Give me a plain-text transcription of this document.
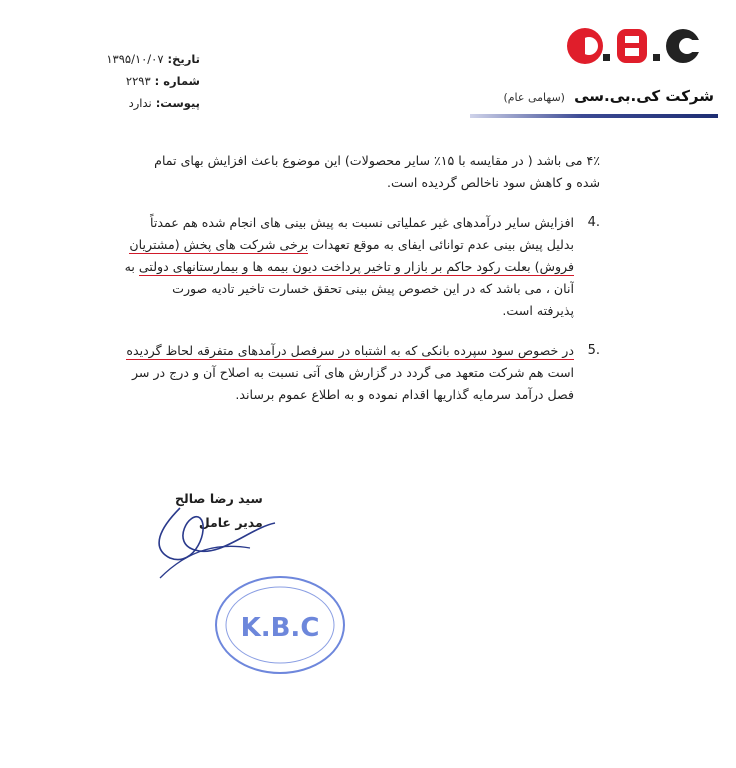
تاریخ:
۱۳۹۵/۱۰/۰۷
شماره :
۲۲۹۳
پیوست:
ندارد	شرکت کی.بی.سی (سهامی عام)
۴٪ می باشد ( در مقایسه با ۱۵٪ سایر محصولات) این موضوع باعث افزایش بهای تمام
شده و کاهش سود ناخالص گردیده است.
.4
افزایش سایر درآمدهای غیر عملیاتی نسبت به پیش بینی های انجام شده هم عمدتاً
بدلیل پیش بینی عدم توانائی ایفای به موقع تعهدات برخی شرکت های پخش (مشتریان
فروش) بعلت رکود حاکم بر بازار و تاخیر پرداخت دیون بیمه ها و بیمارستانهای دولتی به
آنان ، می باشد که در این خصوص پیش بینی تحقق خسارت تاخیر تادیه صورت
پذیرفته است.
.5
در خصوص سود سپرده بانکی که به اشتباه در سرفصل درآمدهای متفرقه لحاظ گردیده
است هم شرکت متعهد می گردد در گزارش های آتی نسبت به اصلاح آن و درج در سر
فصل درآمد سرمایه گذاریها اقدام نموده و به اطلاع عموم برساند.
سید رضا صالح
مدیر عامل
K.B.C
